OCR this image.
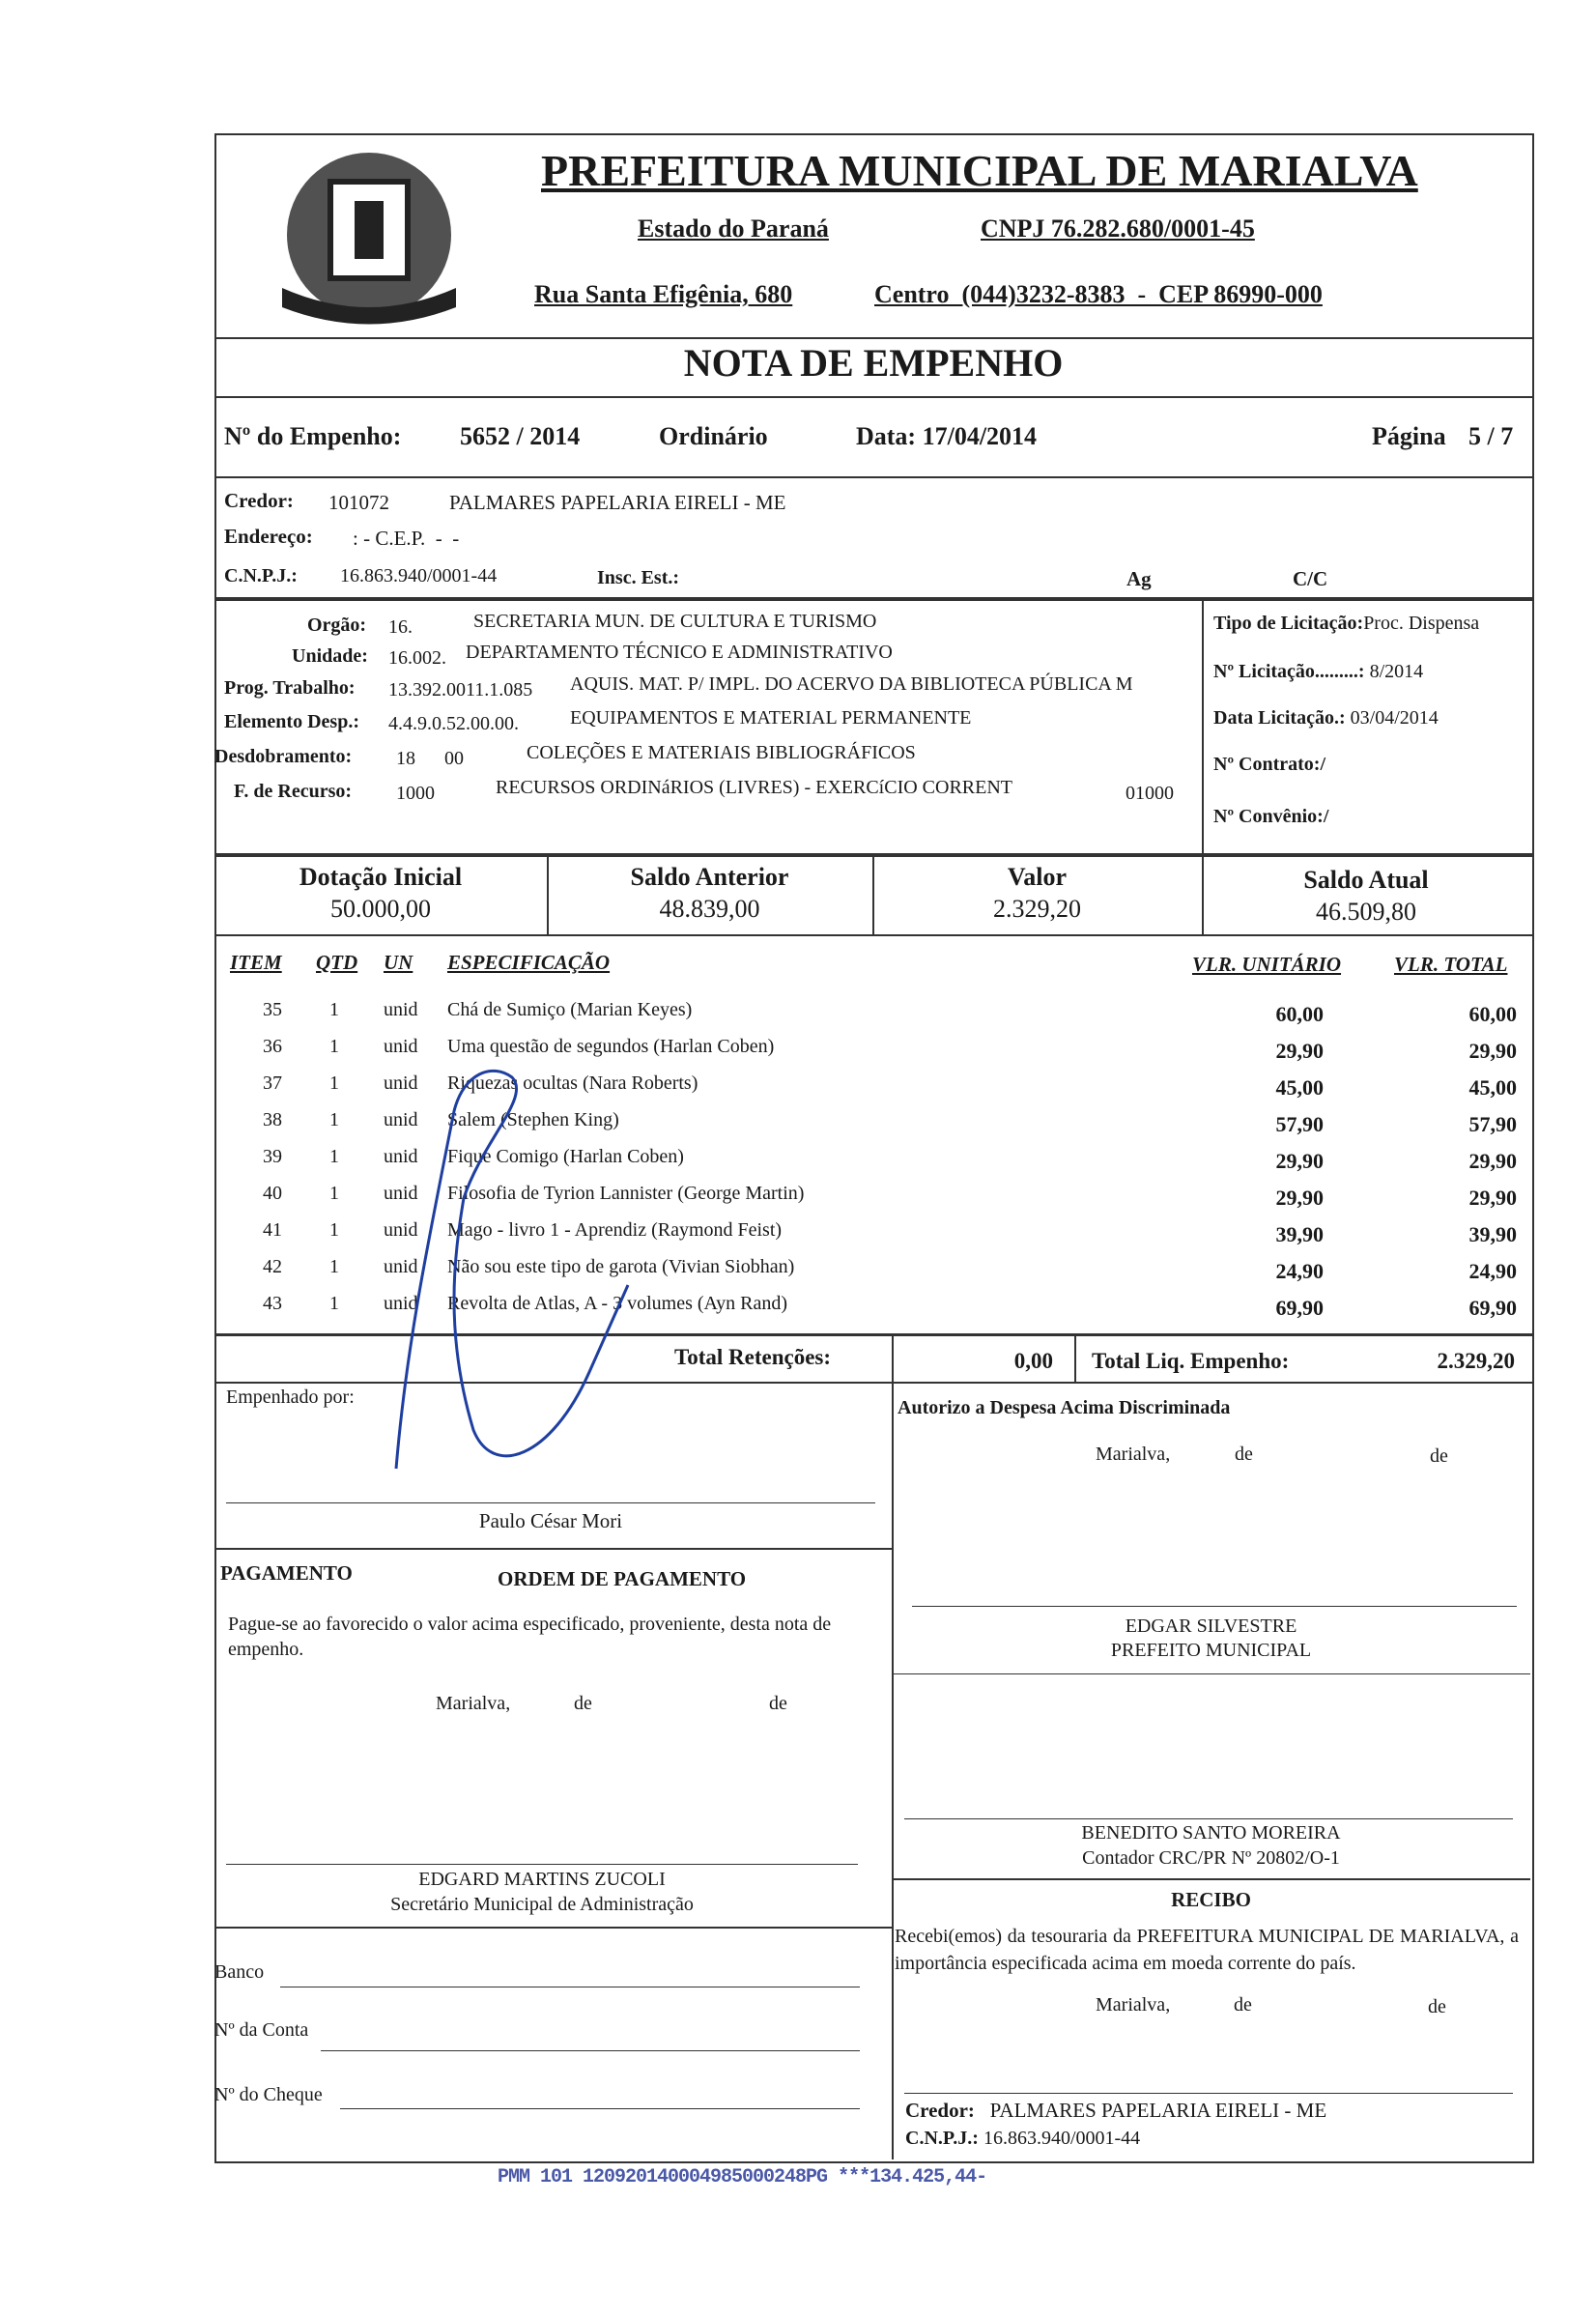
PREFEITURA MUNICIPAL DE MARIALVA
Estado do Paraná	CNPJ 76.282.680/0001-45
Rua Santa Efigênia, 680	Centro  (044)3232-8383  -  CEP 86990-000
NOTA DE EMPENHO
Nº do Empenho: 5652 / 2014	Ordinário	Data: 17/04/2014	Página 5 / 7
Credor: 101072	PALMARES PAPELARIA EIRELI - ME
Endereço: : - C.E.P.  -  -
C.N.P.J.: 16.863.940/0001-44	Insc. Est.:	Ag	C/C
Orgão: 16.	SECRETARIA MUN. DE CULTURA E TURISMO
Unidade: 16.002. DEPARTAMENTO TÉCNICO E ADMINISTRATIVO
Prog. Trabalho: 13.392.0011.1.085 AQUIS. MAT. P/ IMPL. DO ACERVO DA BIBLIOTECA PÚBLICA M
Elemento Desp.: 4.4.9.0.52.00.00.	EQUIPAMENTOS E MATERIAL PERMANENTE
Desdobramento: 18      00	COLEÇÕES E MATERIAIS BIBLIOGRÁFICOS
F. de Recurso: 1000	RECURSOS ORDINáRIOS (LIVRES) - EXERCíCIO CORRENT	01000
Tipo de Licitação:Proc. Dispensa
Nº Licitação.........: 8/2014
Data Licitação.: 03/04/2014
Nº Contrato:/
Nº Convênio:/
Dotação Inicial
50.000,00
Saldo Anterior
48.839,00
Valor
2.329,20
Saldo Atual
46.509,80
ITEM QTD UN ESPECIFICAÇÃO	VLR. UNITÁRIO	VLR. TOTAL
35 1 unid Chá de Sumiço (Marian Keyes)	60,00	60,00
36 1 unid Uma questão de segundos (Harlan Coben)	29,90	29,90
37 1 unid Riquezas ocultas (Nara Roberts)	45,00	45,00
38 1 unid Salem (Stephen King)	57,90	57,90
39 1 unid Fique Comigo (Harlan Coben)	29,90	29,90
40 1 unid Filosofia de Tyrion Lannister (George Martin)	29,90	29,90
41 1 unid Mago - livro 1 - Aprendiz (Raymond Feist)	39,90	39,90
42 1 unid Não sou este tipo de garota (Vivian Siobhan)	24,90	24,90
43 1 unid Revolta de Atlas, A - 3 volumes (Ayn Rand)	69,90	69,90
Total Retenções:	0,00 Total Liq. Empenho:	2.329,20
Empenhado por:
Paulo César Mori
PAGAMENTO	ORDEM DE PAGAMENTO
Pague-se ao favorecido o valor acima especificado, proveniente, desta nota de empenho.
Marialva,	de	de
EDGARD MARTINS ZUCOLI
Secretário Municipal de Administração
Banco
Nº da Conta
Nº do Cheque
Autorizo a Despesa Acima Discriminada
Marialva,	de	de
EDGAR SILVESTRE
PREFEITO MUNICIPAL
BENEDITO SANTO MOREIRA
Contador CRC/PR Nº 20802/O-1
RECIBO
Recebi(emos) da tesouraria da PREFEITURA MUNICIPAL DE MARIALVA, a importância especificada acima em moeda corrente do país.
Marialva,	de	de
Credor: PALMARES PAPELARIA EIRELI - ME
C.N.P.J.: 16.863.940/0001-44
PMM 101 120920140004985000248PG ***134.425,44-
